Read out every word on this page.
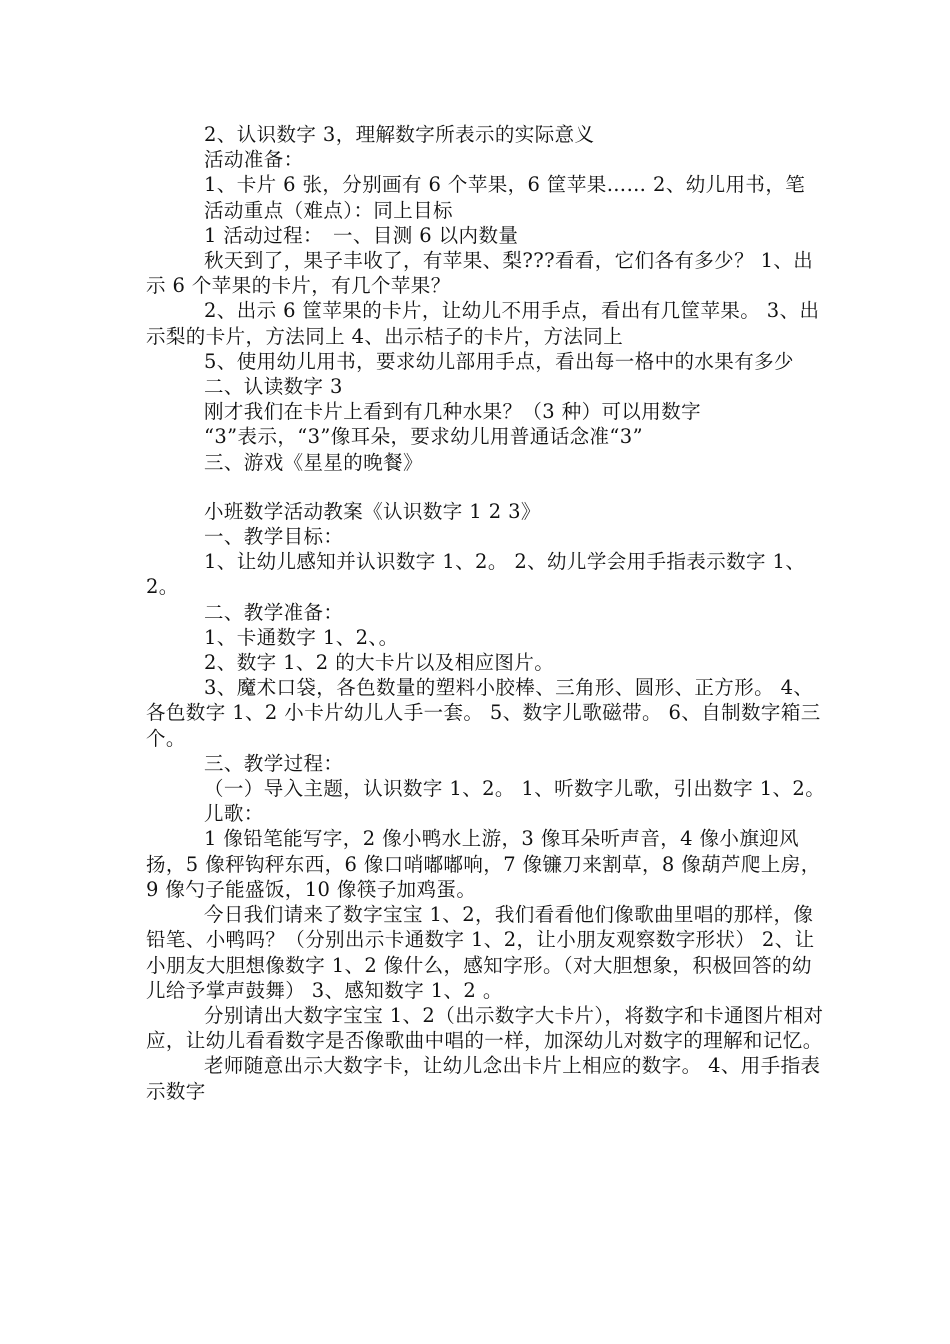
2、认识数字 3，理解数字所表示的实际意义

活动准备：

1、卡片 6 张，分别画有 6 个苹果，6 筐苹果…… 2、幼儿用书，笔

活动重点（难点）：同上目标

1 活动过程：　一、目测 6 以内数量

秋天到了，果子丰收了，有苹果、梨???看看，它们各有多少？ 1、出示 6 个苹果的卡片，有几个苹果？

2、出示 6 筐苹果的卡片，让幼儿不用手点，看出有几筐苹果。 3、出示梨的卡片，方法同上 4、出示桔子的卡片，方法同上

5、使用幼儿用书，要求幼儿部用手点，看出每一格中的水果有多少

二、认读数字 3

刚才我们在卡片上看到有几种水果？（3 种）可以用数字

“3”表示，“3”像耳朵，要求幼儿用普通话念准“3”

三、游戏《星星的晚餐》

小班数学活动教案《认识数字 1 2 3》

一、教学目标：

1、让幼儿感知并认识数字 1、2。 2、幼儿学会用手指表示数字 1、2。

二、教学准备：

1、卡通数字 1、2、。

2、数字 1、2 的大卡片以及相应图片。

3、魔术口袋，各色数量的塑料小胶棒、三角形、圆形、正方形。 4、各色数字 1、2 小卡片幼儿人手一套。 5、数字儿歌磁带。 6、自制数字箱三个。

三、教学过程：

（一）导入主题，认识数字 1、2。 1、听数字儿歌，引出数字 1、2。

儿歌：

1 像铅笔能写字，2 像小鸭水上游，3 像耳朵听声音，4 像小旗迎风扬，5 像秤钩秤东西，6 像口哨嘟嘟响，7 像镰刀来割草，8 像葫芦爬上房，9 像勺子能盛饭，10 像筷子加鸡蛋。

今日我们请来了数字宝宝 1、2，我们看看他们像歌曲里唱的那样，像铅笔、小鸭吗？（分别出示卡通数字 1、2，让小朋友观察数字形状） 2、让小朋友大胆想像数字 1、2 像什么，感知字形。（对大胆想象，积极回答的幼儿给予掌声鼓舞） 3、感知数字 1、2 。

分别请出大数字宝宝 1、2（出示数字大卡片），将数字和卡通图片相对应，让幼儿看看数字是否像歌曲中唱的一样，加深幼儿对数字的理解和记忆。

老师随意出示大数字卡，让幼儿念出卡片上相应的数字。 4、用手指表示数字
